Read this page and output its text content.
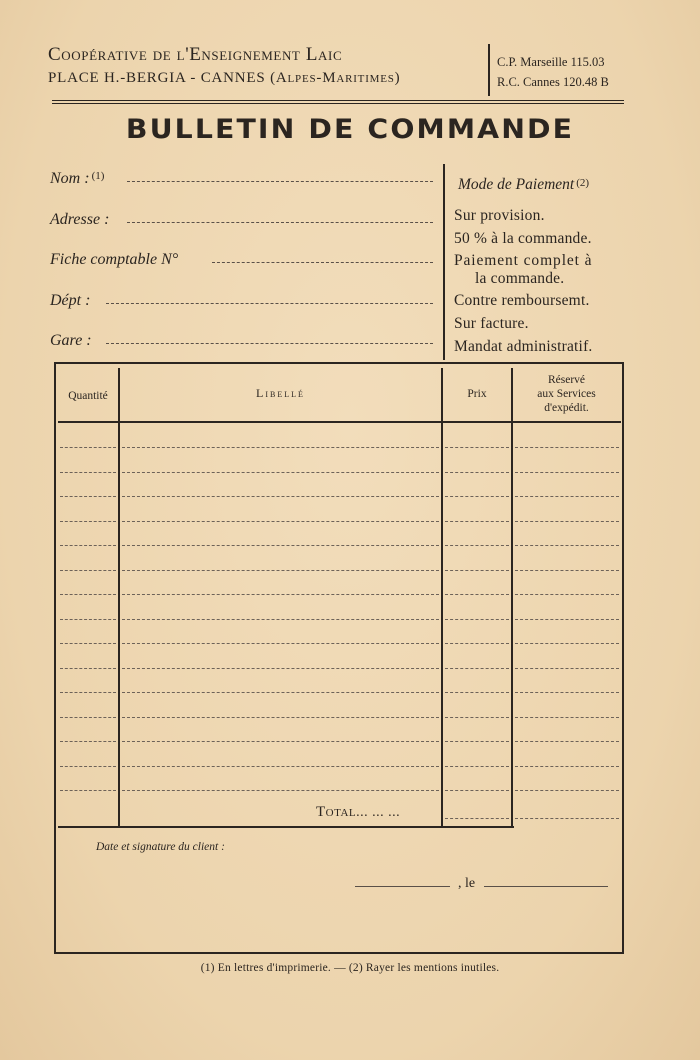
Coopérative de l'Enseignement Laic
PLACE H.-BERGIA - CANNES (Alpes-Maritimes)
C.P. Marseille 115.03
R.C. Cannes 120.48 B
BULLETIN DE COMMANDE
Nom : $^{(1)}$
Adresse :
Fiche comptable N°
Dépt :
Gare :
Mode de Paiement $^{(2)}$
Sur provision.
50 % à la commande.
Paiement complet à
la commande.
Contre remboursemt.
Sur facture.
Mandat administratif.
Quantité	Libellé	Prix
Réservé
aux Services
d'expédit.
Total... ... ...
Date et signature du client :
, le
(1) En lettres d'imprimerie. — (2) Rayer les mentions inutiles.
